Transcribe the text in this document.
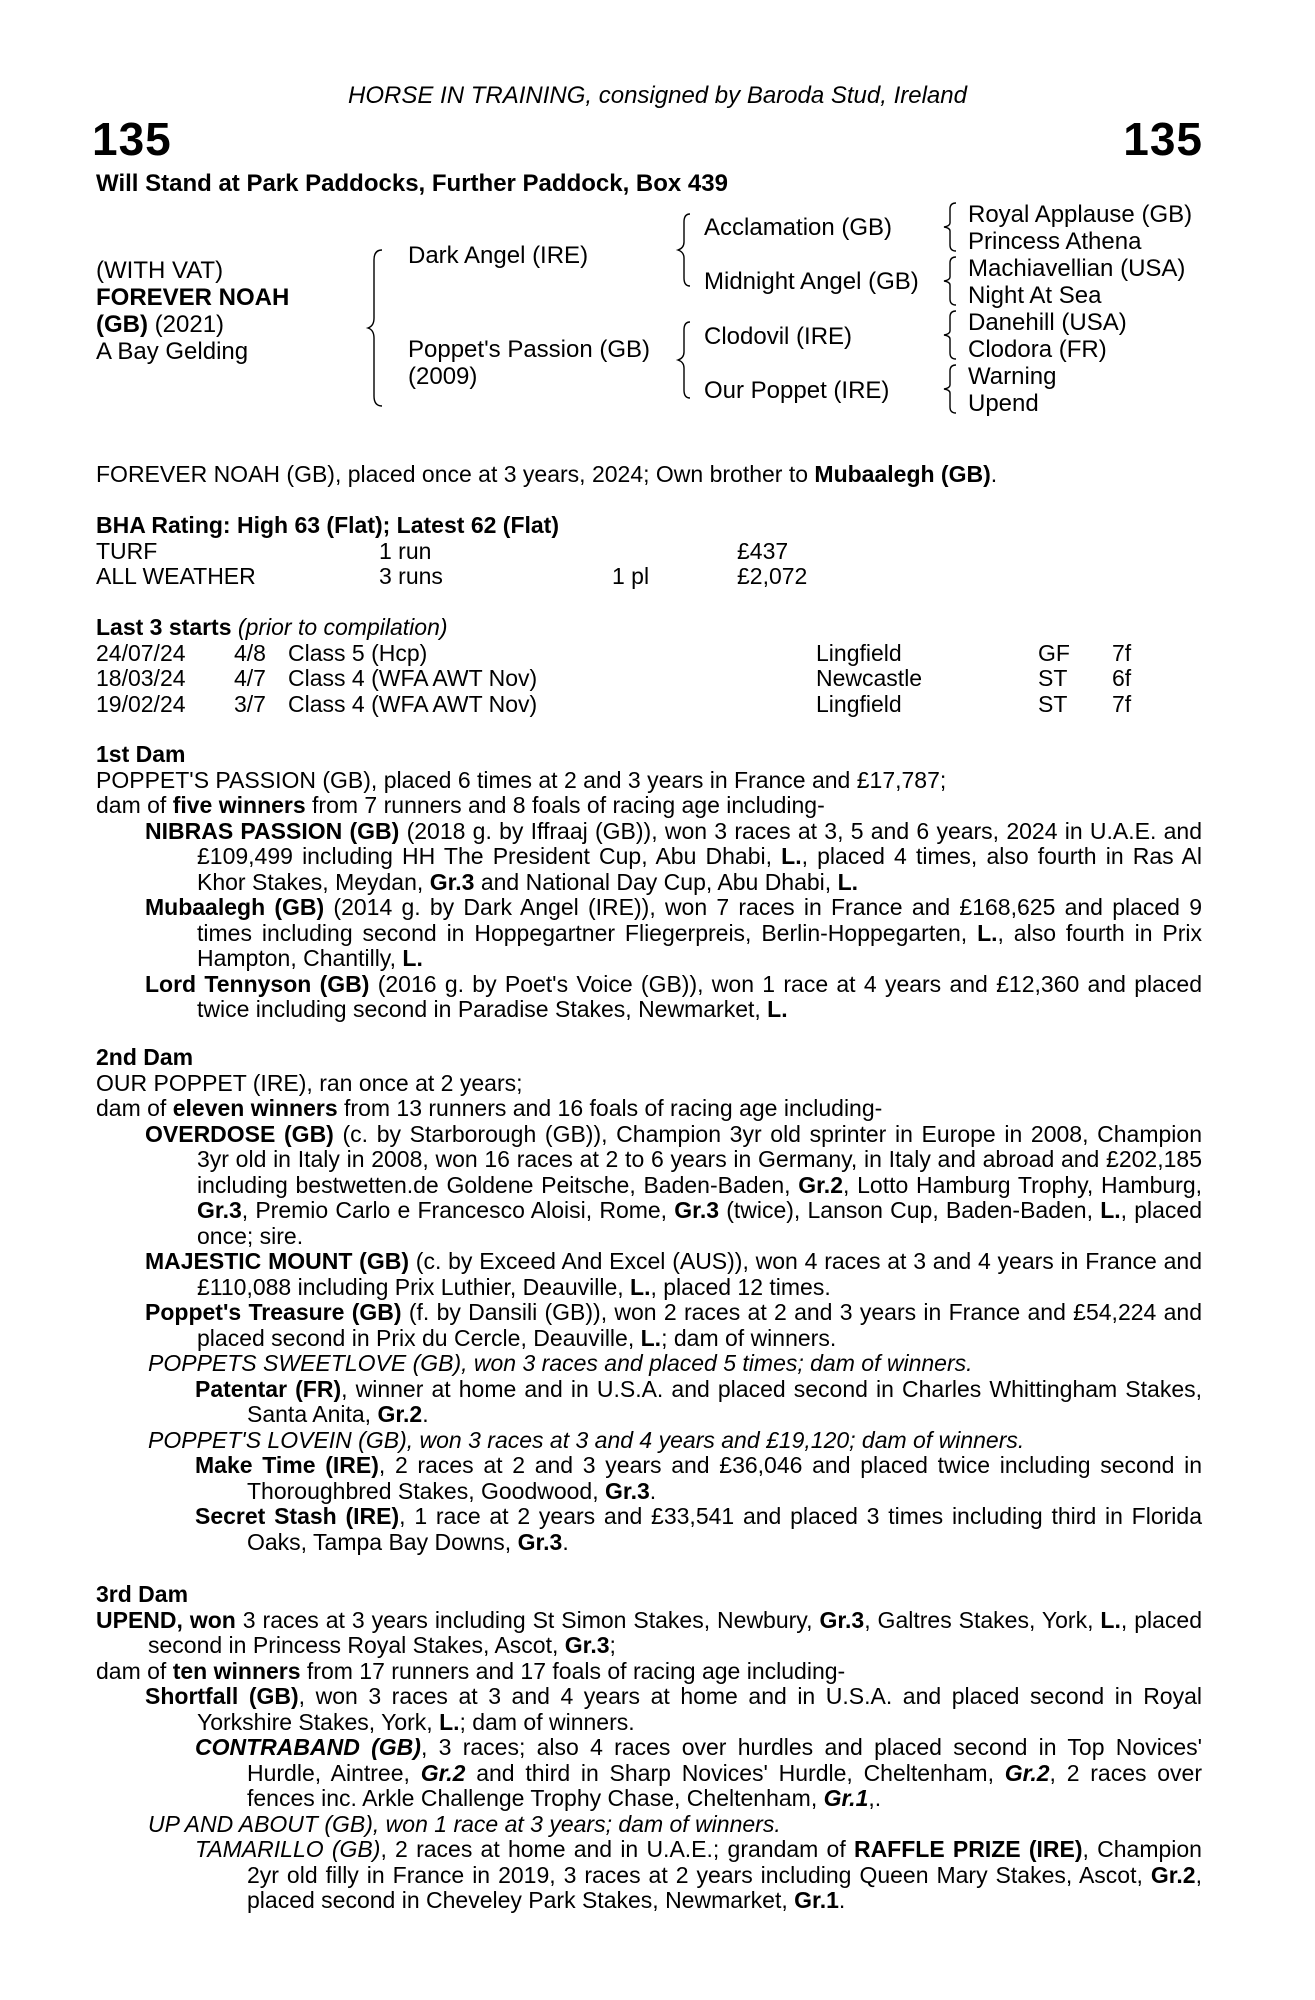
HORSE IN TRAINING, consigned by Baroda Stud, Ireland
135	135
Will Stand at Park Paddocks, Further Paddock, Box 439
(WITH VAT)
FOREVER NOAH
(GB) (2021)
A Bay Gelding
Dark Angel (IRE)
Poppet's Passion (GB)
(2009)
Acclamation (GB)
Midnight Angel (GB)
Clodovil (IRE)
Our Poppet (IRE)
Royal Applause (GB)
Princess Athena
Machiavellian (USA)
Night At Sea
Danehill (USA)
Clodora (FR)
Warning
Upend

FOREVER NOAH (GB), placed once at 3 years, 2024; Own brother to Mubaalegh (GB).

BHA Rating: High 63 (Flat); Latest 62 (Flat)

TURF	1 run	£437
ALL WEATHER	3 runs	1 pl	£2,072

Last 3 starts (prior to compilation)

24/07/24 4/8 Class 5 (Hcp)	Lingfield	GF 7f
18/03/24 4/7 Class 4 (WFA AWT Nov)	Newcastle	ST 6f
19/02/24 3/7 Class 4 (WFA AWT Nov)	Lingfield	ST 7f

1st Dam

POPPET'S PASSION (GB), placed 6 times at 2 and 3 years in France and £17,787;

dam of five winners from 7 runners and 8 foals of racing age including-

NIBRAS PASSION (GB) (2018 g. by Iffraaj (GB)), won 3 races at 3, 5 and 6 years, 2024 in U.A.E. and £109,499 including HH The President Cup, Abu Dhabi, L., placed 4 times, also fourth in Ras Al Khor Stakes, Meydan, Gr.3 and National Day Cup, Abu Dhabi, L.

Mubaalegh (GB) (2014 g. by Dark Angel (IRE)), won 7 races in France and £168,625 and placed 9 times including second in Hoppegartner Fliegerpreis, Berlin-Hoppegarten, L., also fourth in Prix Hampton, Chantilly, L.

Lord Tennyson (GB) (2016 g. by Poet's Voice (GB)), won 1 race at 4 years and £12,360 and placed twice including second in Paradise Stakes, Newmarket, L.

2nd Dam

OUR POPPET (IRE), ran once at 2 years;

dam of eleven winners from 13 runners and 16 foals of racing age including-

OVERDOSE (GB) (c. by Starborough (GB)), Champion 3yr old sprinter in Europe in 2008, Champion 3yr old in Italy in 2008, won 16 races at 2 to 6 years in Germany, in Italy and abroad and £202,185 including bestwetten.de Goldene Peitsche, Baden-Baden, Gr.2, Lotto Hamburg Trophy, Hamburg, Gr.3, Premio Carlo e Francesco Aloisi, Rome, Gr.3 (twice), Lanson Cup, Baden-Baden, L., placed once; sire.

MAJESTIC MOUNT (GB) (c. by Exceed And Excel (AUS)), won 4 races at 3 and 4 years in France and £110,088 including Prix Luthier, Deauville, L., placed 12 times.

Poppet's Treasure (GB) (f. by Dansili (GB)), won 2 races at 2 and 3 years in France and £54,224 and placed second in Prix du Cercle, Deauville, L.; dam of winners.

POPPETS SWEETLOVE (GB), won 3 races and placed 5 times; dam of winners.

Patentar (FR), winner at home and in U.S.A. and placed second in Charles Whittingham Stakes, Santa Anita, Gr.2.

POPPET'S LOVEIN (GB), won 3 races at 3 and 4 years and £19,120; dam of winners.

Make Time (IRE), 2 races at 2 and 3 years and £36,046 and placed twice including second in Thoroughbred Stakes, Goodwood, Gr.3.

Secret Stash (IRE), 1 race at 2 years and £33,541 and placed 3 times including third in Florida Oaks, Tampa Bay Downs, Gr.3.

3rd Dam

UPEND, won 3 races at 3 years including St Simon Stakes, Newbury, Gr.3, Galtres Stakes, York, L., placed second in Princess Royal Stakes, Ascot, Gr.3;

dam of ten winners from 17 runners and 17 foals of racing age including-

Shortfall (GB), won 3 races at 3 and 4 years at home and in U.S.A. and placed second in Royal Yorkshire Stakes, York, L.; dam of winners.

CONTRABAND (GB), 3 races; also 4 races over hurdles and placed second in Top Novices' Hurdle, Aintree, Gr.2 and third in Sharp Novices' Hurdle, Cheltenham, Gr.2, 2 races over fences inc. Arkle Challenge Trophy Chase, Cheltenham, Gr.1,.

UP AND ABOUT (GB), won 1 race at 3 years; dam of winners.

TAMARILLO (GB), 2 races at home and in U.A.E.; grandam of RAFFLE PRIZE (IRE), Champion 2yr old filly in France in 2019, 3 races at 2 years including Queen Mary Stakes, Ascot, Gr.2, placed second in Cheveley Park Stakes, Newmarket, Gr.1.
